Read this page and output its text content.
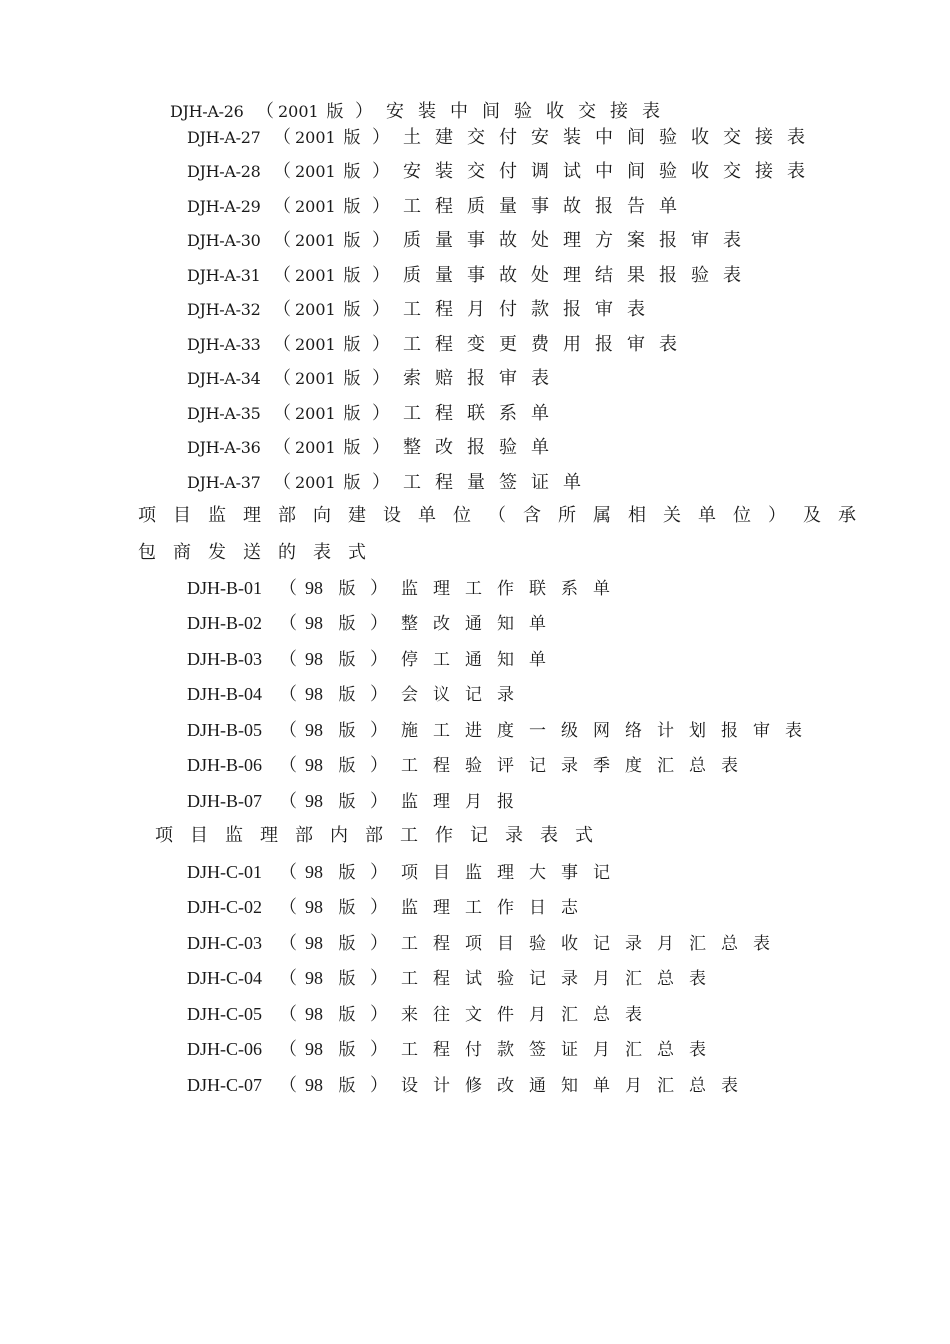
DJH-A-26 （ 2001 版 ） 安装中间验收交接表
DJH-A-27 （ 2001 版 ） 土建交付安装中间验收交接表
DJH-A-28 （ 2001 版 ） 安装交付调试中间验收交接表
DJH-A-29 （ 2001 版 ） 工程质量事故报告单
DJH-A-30 （ 2001 版 ） 质量事故处理方案报审表
DJH-A-31 （ 2001 版 ） 质量事故处理结果报验表
DJH-A-32 （ 2001 版 ） 工程月付款报审表
DJH-A-33 （ 2001 版 ） 工程变更费用报审表
DJH-A-34 （ 2001 版 ） 索赔报审表
DJH-A-35 （ 2001 版 ） 工程联系单
DJH-A-36 （ 2001 版 ） 整改报验单
DJH-A-37 （ 2001 版 ） 工程量签证单
项目监理部向建设单位（含所属相关单位）及承
包商发送的表式
DJH-B-01 （ 98 版 ） 监理工作联系单
DJH-B-02 （ 98 版 ） 整改通知单
DJH-B-03 （ 98 版 ） 停工通知单
DJH-B-04 （ 98 版 ） 会议记录
DJH-B-05 （ 98 版 ） 施工进度一级网络计划报审表
DJH-B-06 （ 98 版 ） 工程验评记录季度汇总表
DJH-B-07 （ 98 版 ） 监理月报
项目监理部内部工作记录表式
DJH-C-01 （ 98 版 ） 项目监理大事记
DJH-C-02 （ 98 版 ） 监理工作日志
DJH-C-03 （ 98 版 ） 工程项目验收记录月汇总表
DJH-C-04 （ 98 版 ） 工程试验记录月汇总表
DJH-C-05 （ 98 版 ） 来往文件月汇总表
DJH-C-06 （ 98 版 ） 工程付款签证月汇总表
DJH-C-07 （ 98 版 ） 设计修改通知单月汇总表
